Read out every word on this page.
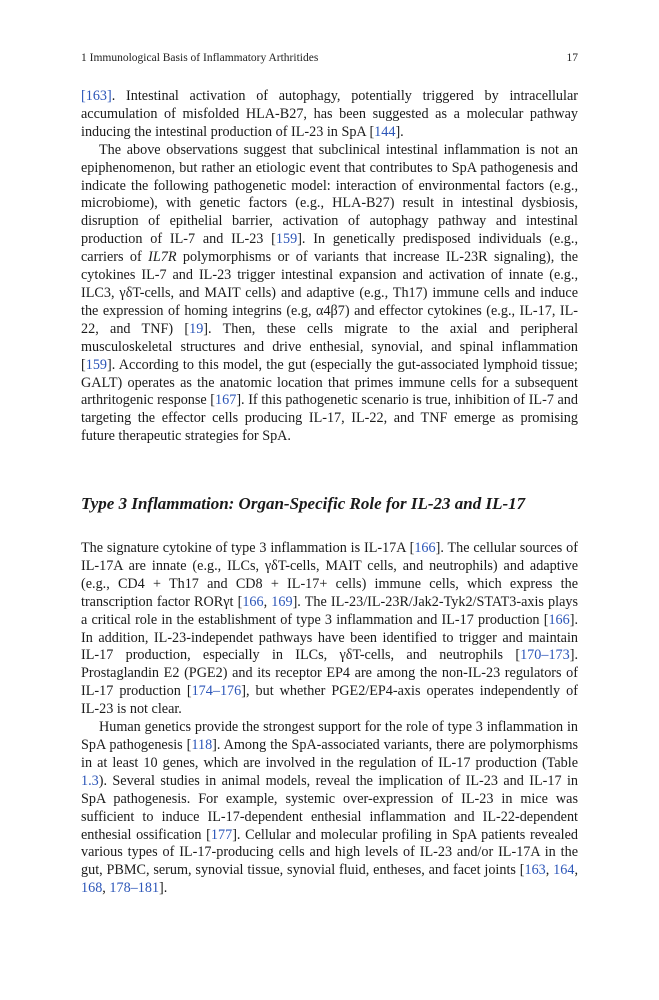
1 Immunological Basis of Inflammatory Arthritides	17

[163]. Intestinal activation of autophagy, potentially triggered by intracellular accumulation of misfolded HLA-B27, has been suggested as a molecular pathway inducing the intestinal production of IL-23 in SpA [144].

The above observations suggest that subclinical intestinal inflammation is not an epiphenomenon, but rather an etiologic event that contributes to SpA pathogenesis and indicate the following pathogenetic model: interaction of environmental factors (e.g., microbiome), with genetic factors (e.g., HLA-B27) result in intestinal dysbiosis, disruption of epithelial barrier, activation of autophagy pathway and intestinal production of IL-7 and IL-23 [159]. In genetically predisposed individuals (e.g., carriers of IL7R polymorphisms or of variants that increase IL-23R signaling), the cytokines IL-7 and IL-23 trigger intestinal expansion and activation of innate (e.g., ILC3, γδT-cells, and MAIT cells) and adaptive (e.g., Th17) immune cells and induce the expression of homing integrins (e.g, α4β7) and effector cytokines (e.g., IL-17, IL-22, and TNF) [19]. Then, these cells migrate to the axial and peripheral musculoskeletal structures and drive enthesial, synovial, and spinal inflammation [159]. According to this model, the gut (especially the gut-associated lymphoid tissue; GALT) operates as the anatomic location that primes immune cells for a subsequent arthritogenic response [167]. If this pathogenetic scenario is true, inhibition of IL-7 and targeting the effector cells producing IL-17, IL-22, and TNF emerge as promising future therapeutic strategies for SpA.

Type 3 Inflammation: Organ-Specific Role for IL-23 and IL-17

The signature cytokine of type 3 inflammation is IL-17A [166]. The cellular sources of IL-17A are innate (e.g., ILCs, γδT-cells, MAIT cells, and neutrophils) and adaptive (e.g., CD4 + Th17 and CD8 + IL-17+ cells) immune cells, which express the transcription factor RORγt [166, 169]. The IL-23/IL-23R/Jak2-Tyk2/STAT3-axis plays a critical role in the establishment of type 3 inflammation and IL-17 production [166]. In addition, IL-23-independet pathways have been identified to trigger and maintain IL-17 production, especially in ILCs, γδT-cells, and neutrophils [170–173]. Prostaglandin E2 (PGE2) and its receptor EP4 are among the non-IL-23 regulators of IL-17 production [174–176], but whether PGE2/EP4-axis operates independently of IL-23 is not clear.

Human genetics provide the strongest support for the role of type 3 inflammation in SpA pathogenesis [118]. Among the SpA-associated variants, there are polymorphisms in at least 10 genes, which are involved in the regulation of IL-17 production (Table 1.3). Several studies in animal models, reveal the implication of IL-23 and IL-17 in SpA pathogenesis. For example, systemic over-expression of IL-23 in mice was sufficient to induce IL-17-dependent enthesial inflammation and IL-22-dependent enthesial ossification [177]. Cellular and molecular profiling in SpA patients revealed various types of IL-17-producing cells and high levels of IL-23 and/or IL-17A in the gut, PBMC, serum, synovial tissue, synovial fluid, entheses, and facet joints [163, 164, 168, 178–181].
